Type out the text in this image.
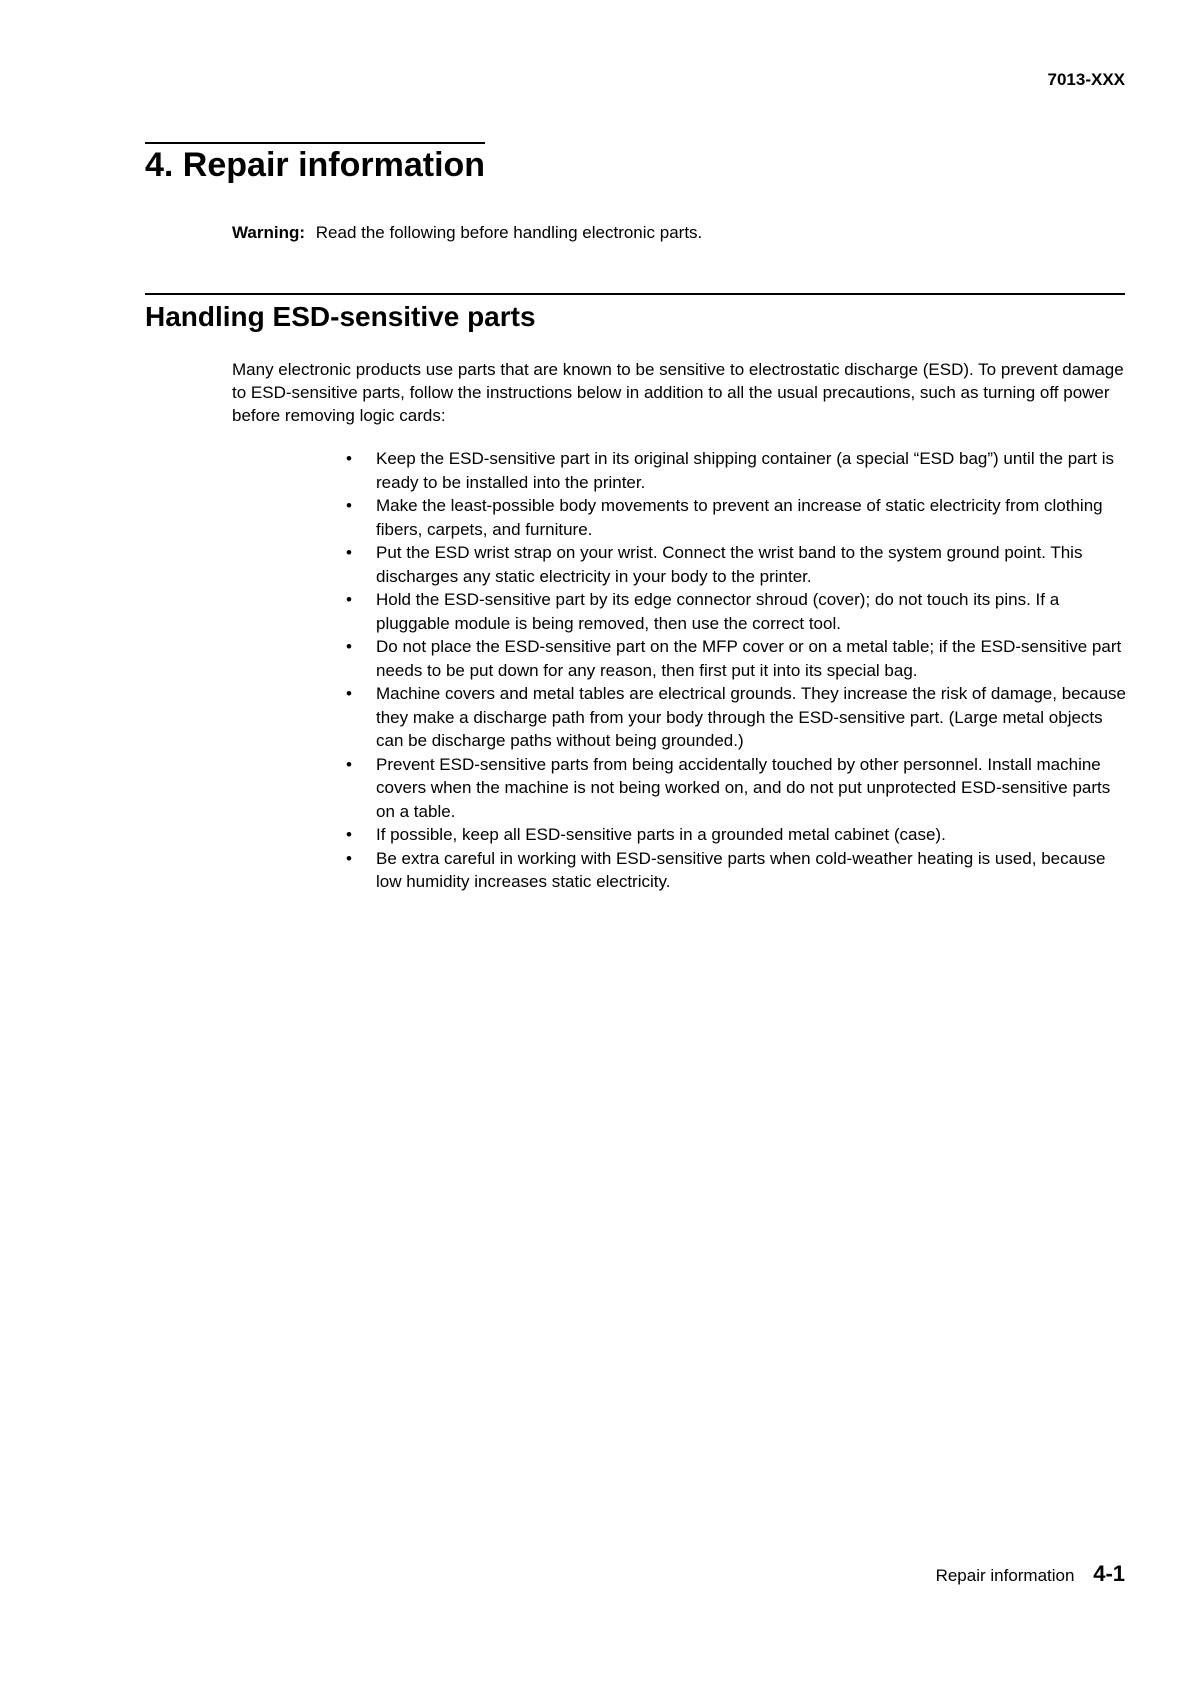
7013-XXX
4. Repair information
Warning: Read the following before handling electronic parts.
Handling ESD-sensitive parts

Many electronic products use parts that are known to be sensitive to electrostatic discharge (ESD). To prevent damage to ESD-sensitive parts, follow the instructions below in addition to all the usual precautions, such as turning off power before removing logic cards:

• Keep the ESD-sensitive part in its original shipping container (a special “ESD bag”) until the part is ready to be installed into the printer.
• Make the least-possible body movements to prevent an increase of static electricity from clothing fibers, carpets, and furniture.
• Put the ESD wrist strap on your wrist. Connect the wrist band to the system ground point. This discharges any static electricity in your body to the printer.
• Hold the ESD-sensitive part by its edge connector shroud (cover); do not touch its pins. If a pluggable module is being removed, then use the correct tool.
• Do not place the ESD-sensitive part on the MFP cover or on a metal table; if the ESD-sensitive part needs to be put down for any reason, then first put it into its special bag.
• Machine covers and metal tables are electrical grounds. They increase the risk of damage, because they make a discharge path from your body through the ESD-sensitive part. (Large metal objects can be discharge paths without being grounded.)
• Prevent ESD-sensitive parts from being accidentally touched by other personnel. Install machine covers when the machine is not being worked on, and do not put unprotected ESD-sensitive parts on a table.
• If possible, keep all ESD-sensitive parts in a grounded metal cabinet (case).
• Be extra careful in working with ESD-sensitive parts when cold-weather heating is used, because low humidity increases static electricity.
Repair information 4-1
